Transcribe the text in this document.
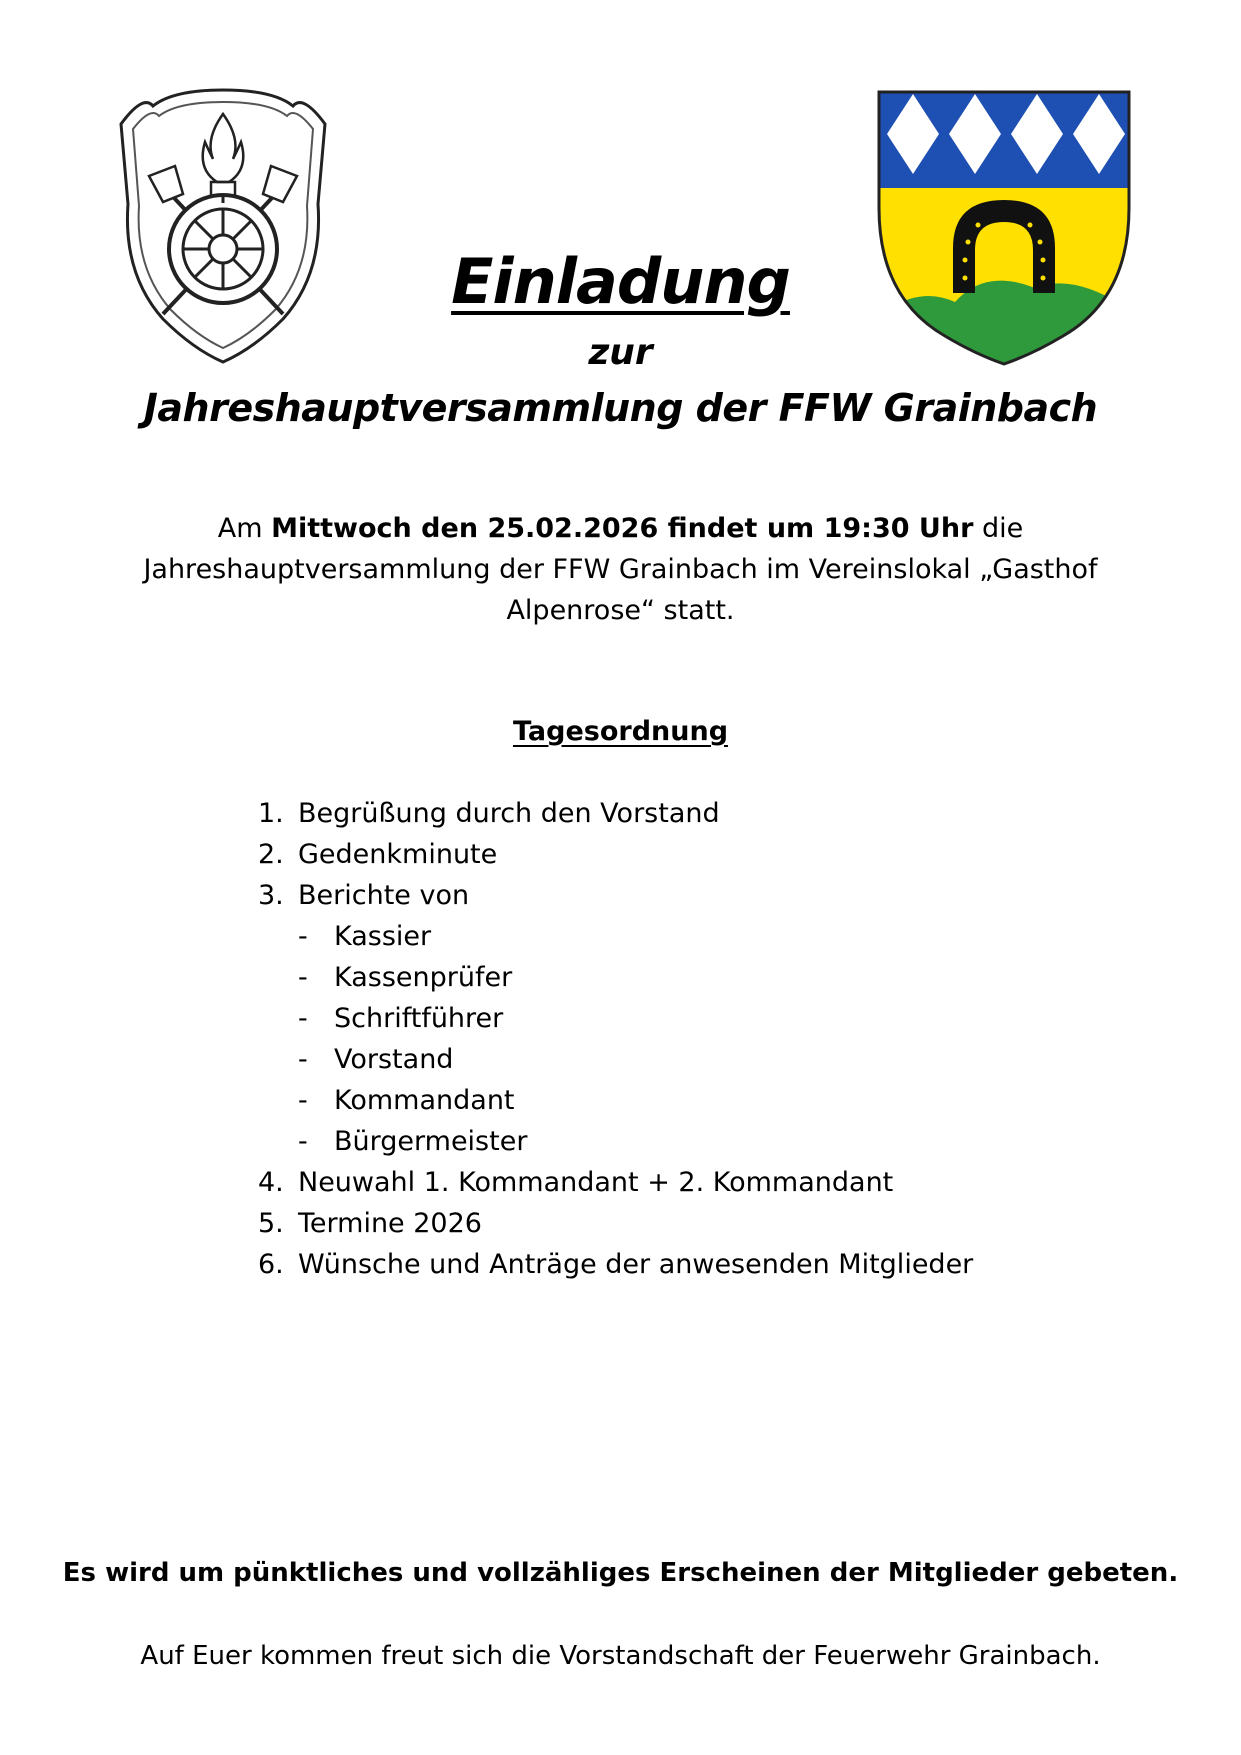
Einladung
zur
Jahreshauptversammlung der FFW Grainbach
Am Mittwoch den 25.02.2026 findet um 19:30 Uhr die Jahreshauptversammlung der FFW Grainbach im Vereinslokal „Gasthof Alpenrose“ statt.
Tagesordnung
1. Begrüßung durch den Vorstand
2. Gedenkminute
3. Berichte von
- Kassier
- Kassenprüfer
- Schriftführer
- Vorstand
- Kommandant
- Bürgermeister
4. Neuwahl 1. Kommandant + 2. Kommandant
5. Termine 2026
6. Wünsche und Anträge der anwesenden Mitglieder
Es wird um pünktliches und vollzähliges Erscheinen der Mitglieder gebeten.
Auf Euer kommen freut sich die Vorstandschaft der Feuerwehr Grainbach.
